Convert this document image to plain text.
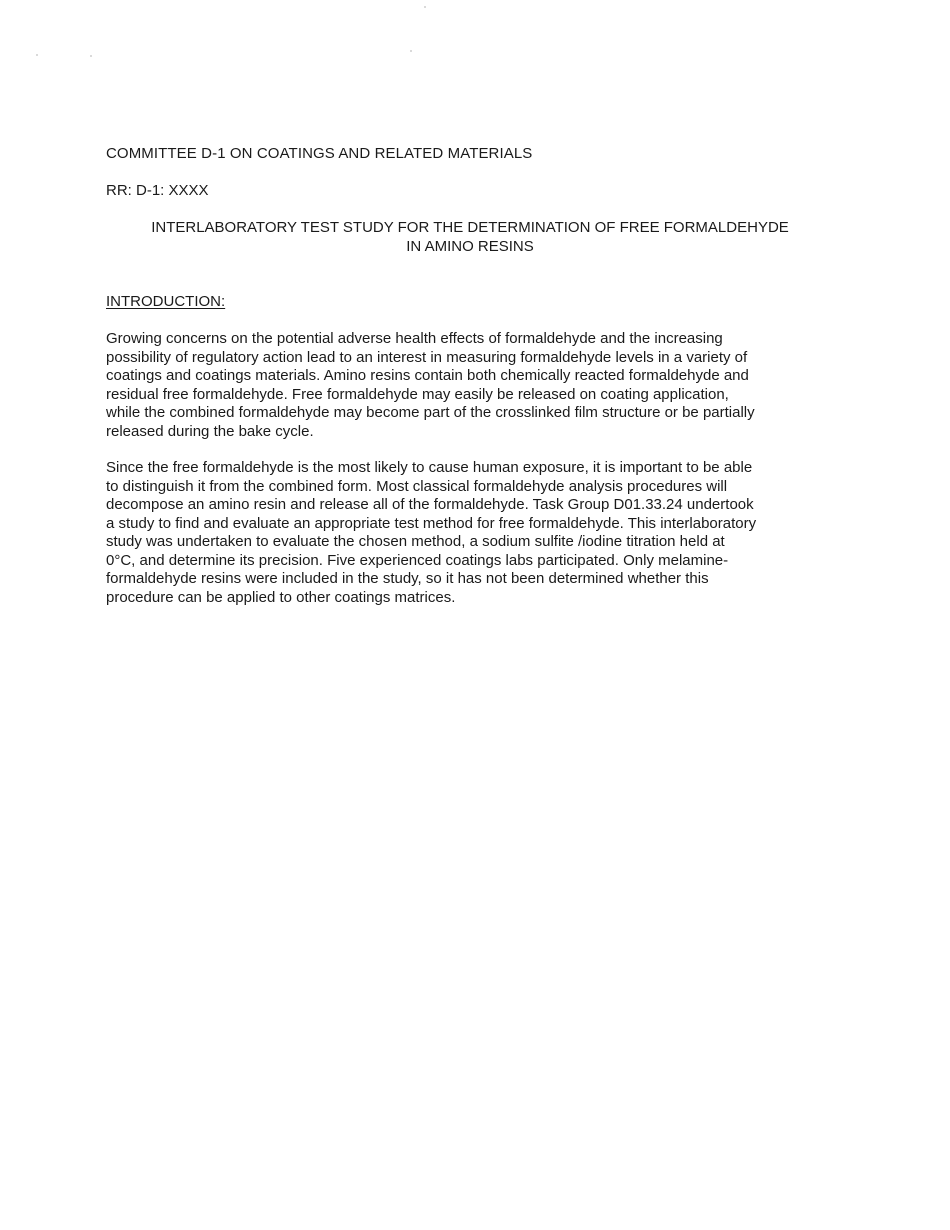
COMMITTEE D-1 ON COATINGS AND RELATED MATERIALS
RR: D-1: XXXX
INTERLABORATORY TEST STUDY FOR THE DETERMINATION OF FREE FORMALDEHYDE
IN AMINO RESINS
INTRODUCTION:
Growing concerns on the potential adverse health effects of formaldehyde and the increasing
possibility of regulatory action lead to an interest in measuring formaldehyde levels in a variety of
coatings and coatings materials. Amino resins contain both chemically reacted formaldehyde and
residual free formaldehyde. Free formaldehyde may easily be released on coating application,
while the combined formaldehyde may become part of the crosslinked film structure or be partially
released during the bake cycle.
Since the free formaldehyde is the most likely to cause human exposure, it is important to be able
to distinguish it from the combined form. Most classical formaldehyde analysis procedures will
decompose an amino resin and release all of the formaldehyde. Task Group D01.33.24 undertook
a study to find and evaluate an appropriate test method for free formaldehyde. This interlaboratory
study was undertaken to evaluate the chosen method, a sodium sulfite /iodine titration held at
0°C, and determine its precision. Five experienced coatings labs participated. Only melamine-
formaldehyde resins were included in the study, so it has not been determined whether this
procedure can be applied to other coatings matrices.
